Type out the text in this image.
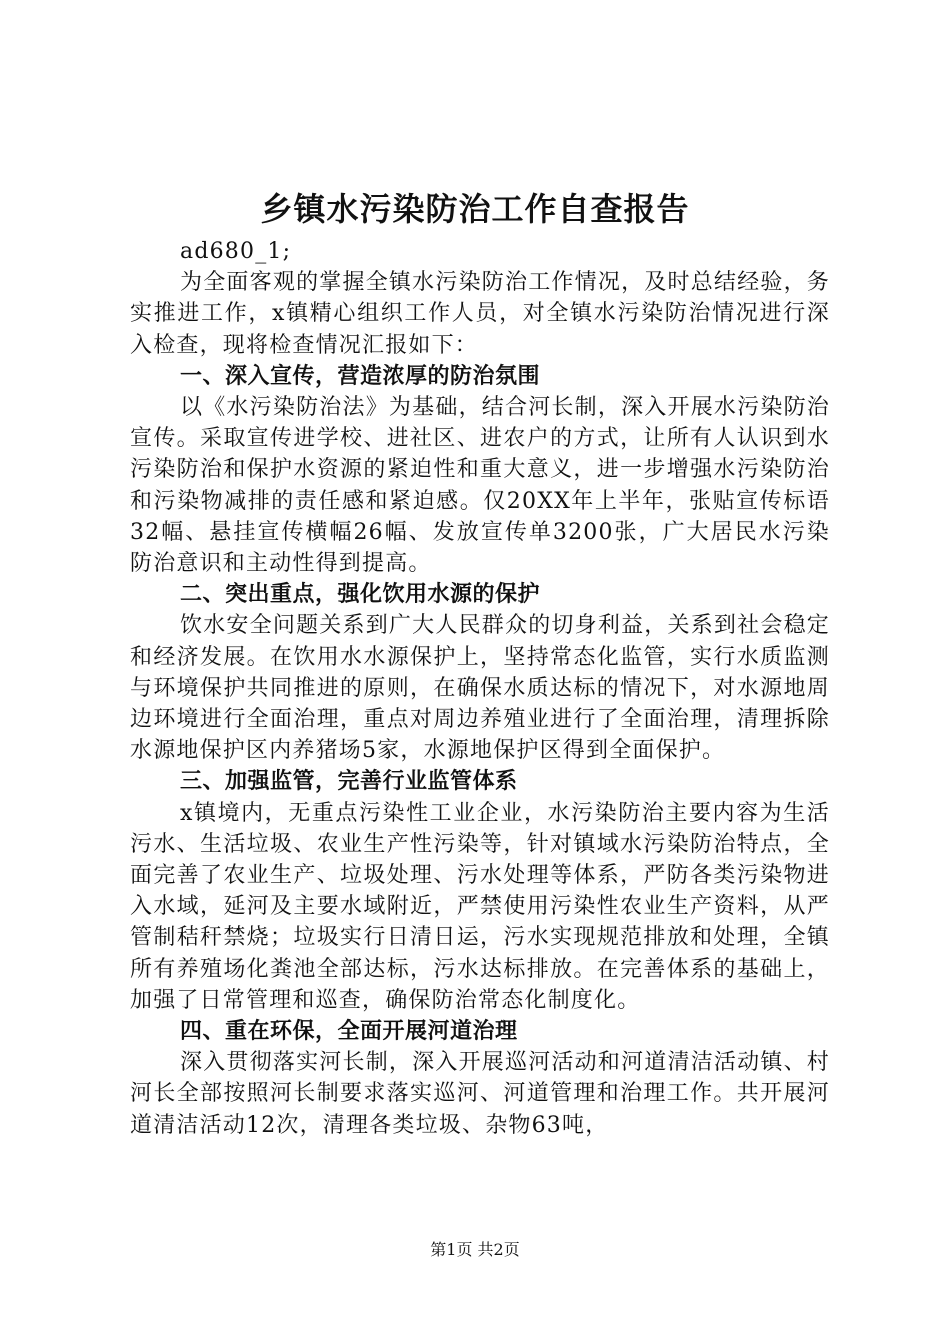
乡镇水污染防治工作自查报告

ad680_1;

为全面客观的掌握全镇水污染防治工作情况，及时总结经验，务实推进工作，x镇精心组织工作人员，对全镇水污染防治情况进行深入检查，现将检查情况汇报如下：

一、深入宣传，营造浓厚的防治氛围

以《水污染防治法》为基础，结合河长制，深入开展水污染防治宣传。采取宣传进学校、进社区、进农户的方式，让所有人认识到水污染防治和保护水资源的紧迫性和重大意义，进一步增强水污染防治和污染物减排的责任感和紧迫感。仅20XX年上半年，张贴宣传标语32幅、悬挂宣传横幅26幅、发放宣传单3200张，广大居民水污染防治意识和主动性得到提高。

二、突出重点，强化饮用水源的保护

饮水安全问题关系到广大人民群众的切身利益，关系到社会稳定和经济发展。在饮用水水源保护上，坚持常态化监管，实行水质监测与环境保护共同推进的原则，在确保水质达标的情况下，对水源地周边环境进行全面治理，重点对周边养殖业进行了全面治理，清理拆除水源地保护区内养猪场5家，水源地保护区得到全面保护。

三、加强监管，完善行业监管体系

x镇境内，无重点污染性工业企业，水污染防治主要内容为生活污水、生活垃圾、农业生产性污染等，针对镇域水污染防治特点，全面完善了农业生产、垃圾处理、污水处理等体系，严防各类污染物进入水域，延河及主要水域附近，严禁使用污染性农业生产资料，从严管制秸秆禁烧；垃圾实行日清日运，污水实现规范排放和处理，全镇所有养殖场化粪池全部达标，污水达标排放。在完善体系的基础上，加强了日常管理和巡查，确保防治常态化制度化。

四、重在环保，全面开展河道治理

深入贯彻落实河长制，深入开展巡河活动和河道清洁活动镇、村河长全部按照河长制要求落实巡河、河道管理和治理工作。共开展河道清洁活动12次，清理各类垃圾、杂物63吨，

第1页 共2页
